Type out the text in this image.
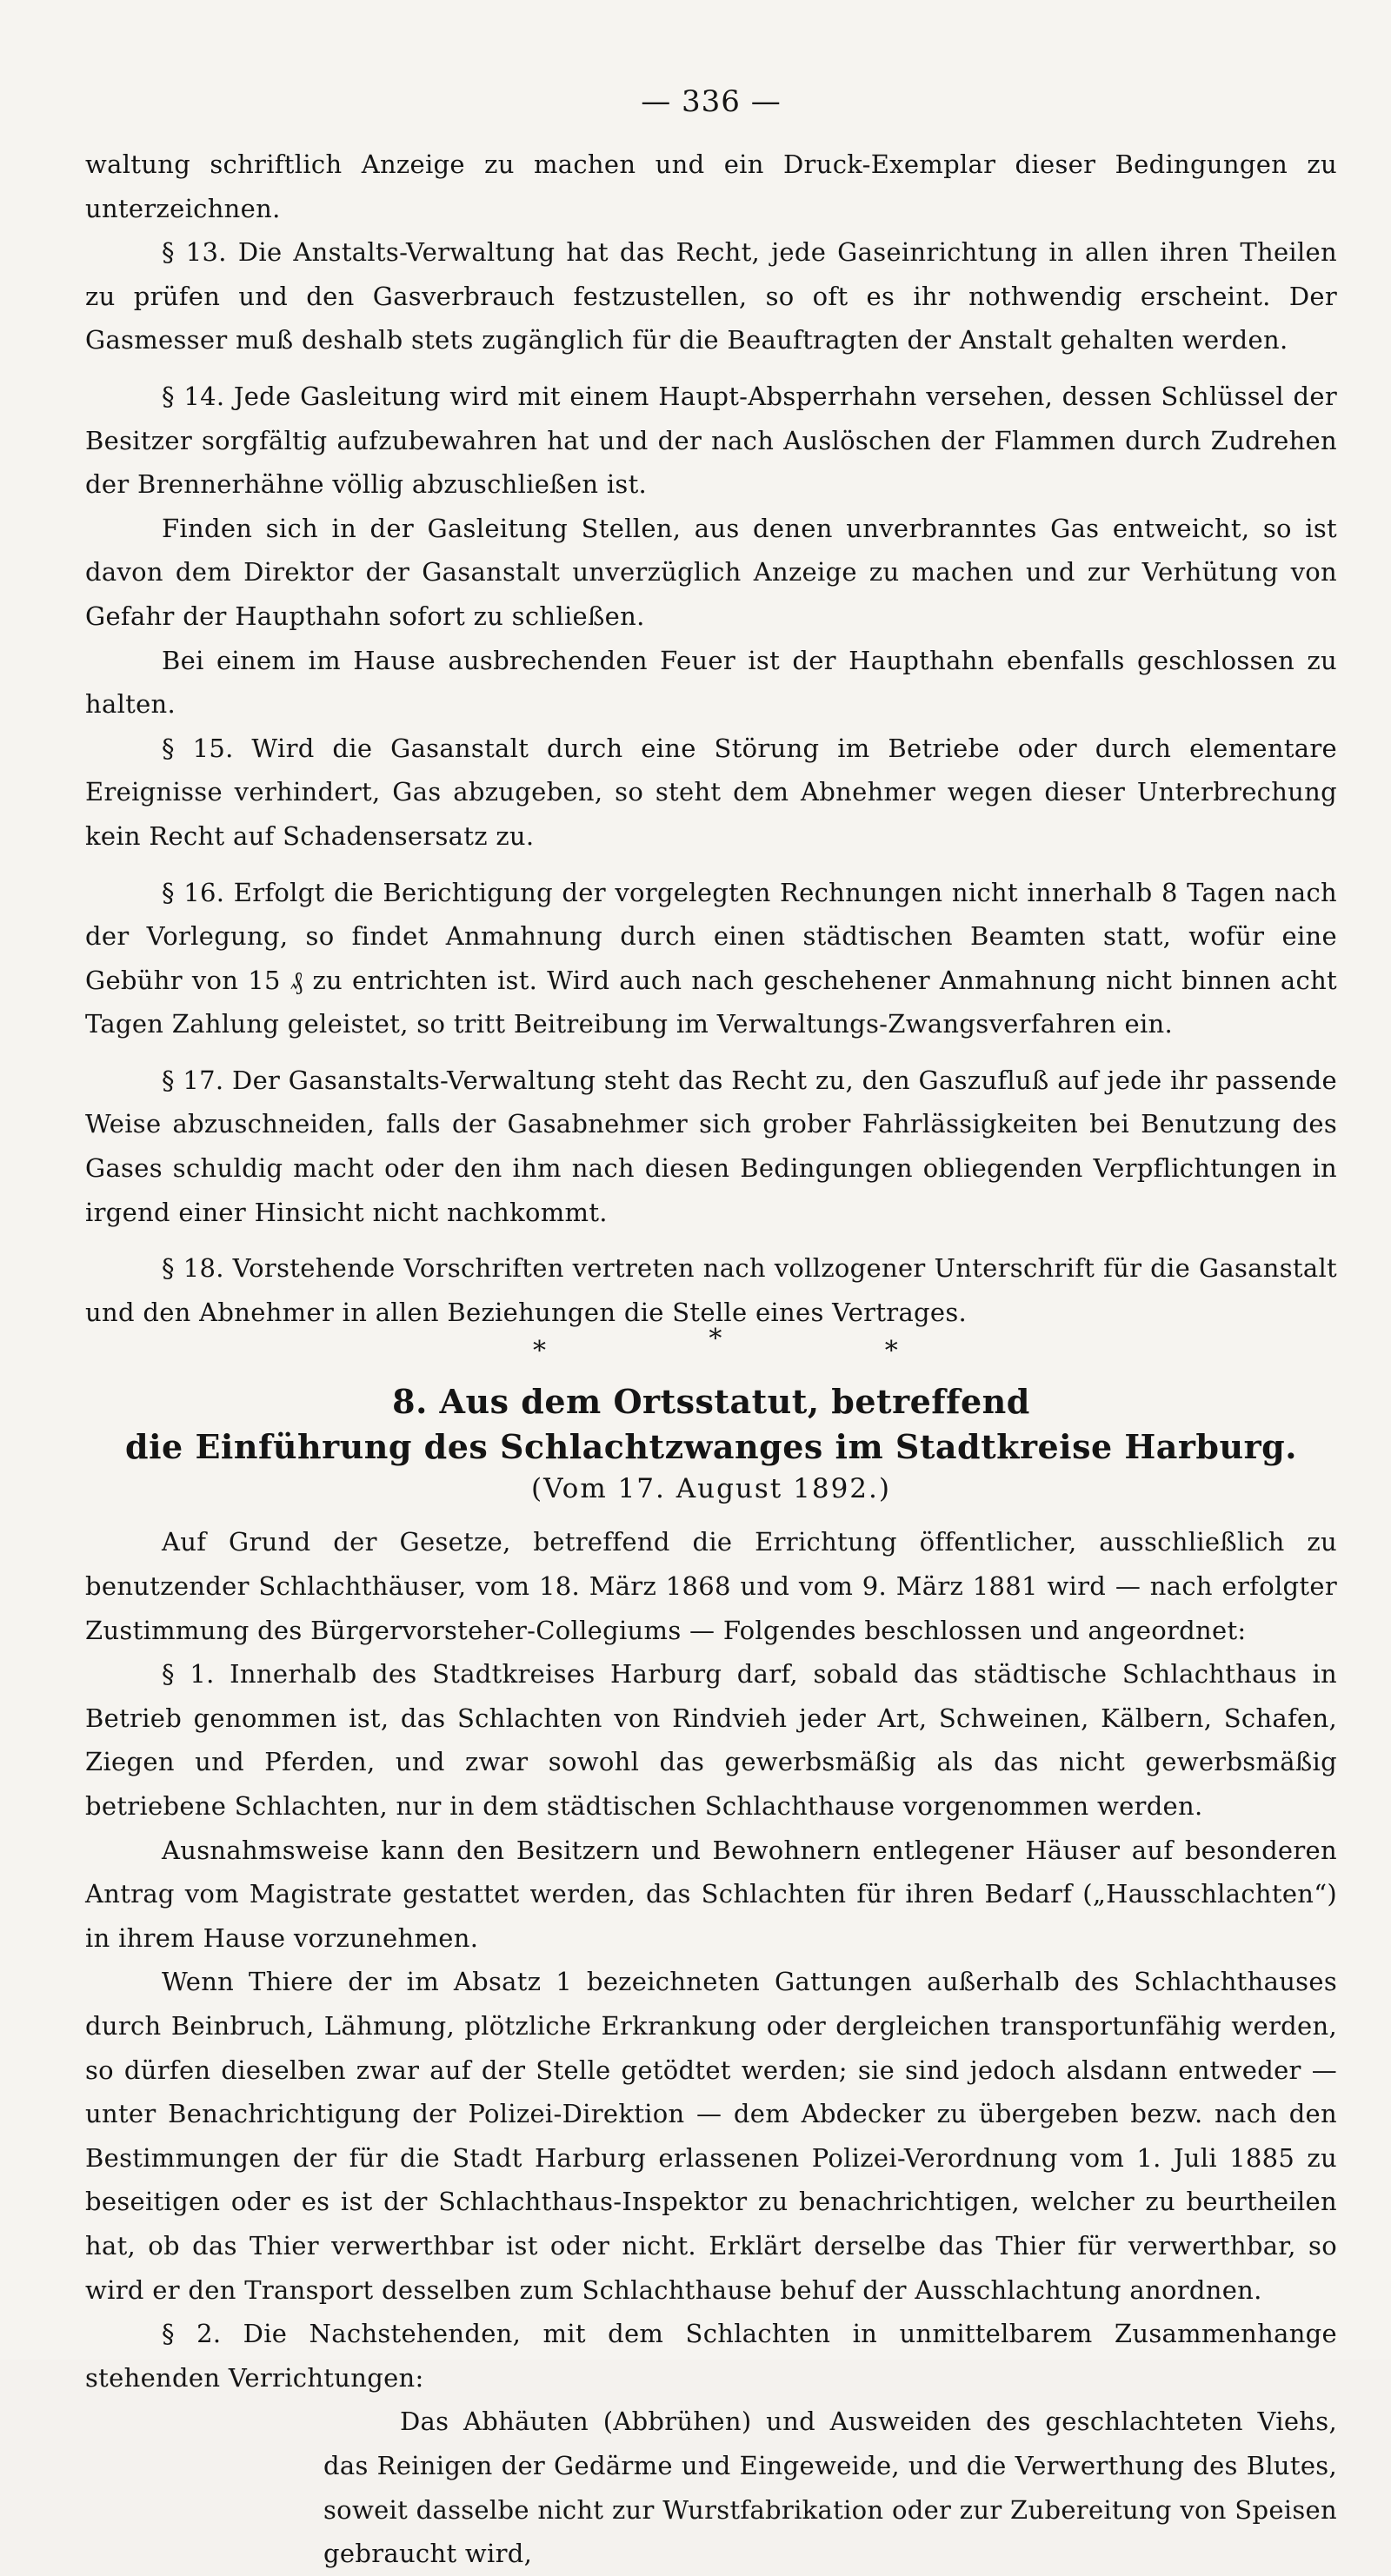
— 336 —

waltung schriftlich Anzeige zu machen und ein Druck-Exemplar dieser Bedingungen zu unterzeichnen.

§ 13. Die Anstalts-Verwaltung hat das Recht, jede Gaseinrichtung in allen ihren Theilen zu prüfen und den Gasverbrauch festzustellen, so oft es ihr nothwendig erscheint. Der Gasmesser muß deshalb stets zugänglich für die Beauftragten der Anstalt gehalten werden.

§ 14. Jede Gasleitung wird mit einem Haupt-Absperrhahn versehen, dessen Schlüssel der Besitzer sorgfältig aufzubewahren hat und der nach Auslöschen der Flammen durch Zudrehen der Brennerhähne völlig abzuschließen ist.

Finden sich in der Gasleitung Stellen, aus denen unverbranntes Gas entweicht, so ist davon dem Direktor der Gasanstalt unverzüglich Anzeige zu machen und zur Verhütung von Gefahr der Haupthahn sofort zu schließen.

Bei einem im Hause ausbrechenden Feuer ist der Haupthahn ebenfalls geschlossen zu halten.

§ 15. Wird die Gasanstalt durch eine Störung im Betriebe oder durch elementare Ereignisse verhindert, Gas abzugeben, so steht dem Abnehmer wegen dieser Unterbrechung kein Recht auf Schadensersatz zu.

§ 16. Erfolgt die Berichtigung der vorgelegten Rechnungen nicht innerhalb 8 Tagen nach der Vorlegung, so findet Anmahnung durch einen städtischen Beamten statt, wofür eine Gebühr von 15 ₰ zu entrichten ist. Wird auch nach geschehener Anmahnung nicht binnen acht Tagen Zahlung geleistet, so tritt Beitreibung im Verwaltungs-Zwangsverfahren ein.

§ 17. Der Gasanstalts-Verwaltung steht das Recht zu, den Gaszufluß auf jede ihr passende Weise abzuschneiden, falls der Gasabnehmer sich grober Fahrlässigkeiten bei Benutzung des Gases schuldig macht oder den ihm nach diesen Bedingungen obliegenden Verpflichtungen in irgend einer Hinsicht nicht nachkommt.

§ 18. Vorstehende Vorschriften vertreten nach vollzogener Unterschrift für die Gasanstalt und den Abnehmer in allen Beziehungen die Stelle eines Vertrages.

*	*	*
8. Aus dem Ortsstatut, betreffend
die Einführung des Schlachtzwanges im Stadtkreise Harburg.
(Vom 17. August 1892.)

Auf Grund der Gesetze, betreffend die Errichtung öffentlicher, ausschließlich zu benutzender Schlachthäuser, vom 18. März 1868 und vom 9. März 1881 wird — nach erfolgter Zustimmung des Bürgervorsteher-Collegiums — Folgendes beschlossen und angeordnet:

§ 1. Innerhalb des Stadtkreises Harburg darf, sobald das städtische Schlachthaus in Betrieb genommen ist, das Schlachten von Rindvieh jeder Art, Schweinen, Kälbern, Schafen, Ziegen und Pferden, und zwar sowohl das gewerbsmäßig als das nicht gewerbsmäßig betriebene Schlachten, nur in dem städtischen Schlachthause vorgenommen werden.

Ausnahmsweise kann den Besitzern und Bewohnern entlegener Häuser auf besonderen Antrag vom Magistrate gestattet werden, das Schlachten für ihren Bedarf („Hausschlachten“) in ihrem Hause vorzunehmen.

Wenn Thiere der im Absatz 1 bezeichneten Gattungen außerhalb des Schlachthauses durch Beinbruch, Lähmung, plötzliche Erkrankung oder dergleichen transportunfähig werden, so dürfen dieselben zwar auf der Stelle getödtet werden; sie sind jedoch alsdann entweder — unter Benachrichtigung der Polizei-Direktion — dem Abdecker zu übergeben bezw. nach den Bestimmungen der für die Stadt Harburg erlassenen Polizei-Verordnung vom 1. Juli 1885 zu beseitigen oder es ist der Schlachthaus-Inspektor zu benachrichtigen, welcher zu beurtheilen hat, ob das Thier verwerthbar ist oder nicht. Erklärt derselbe das Thier für verwerthbar, so wird er den Transport desselben zum Schlachthause behuf der Ausschlachtung anordnen.

§ 2. Die Nachstehenden, mit dem Schlachten in unmittelbarem Zusammenhange stehenden Verrichtungen:

Das Abhäuten (Abbrühen) und Ausweiden des geschlachteten Viehs, das Reinigen der Gedärme und Eingeweide, und die Verwerthung des Blutes, soweit dasselbe nicht zur Wurstfabrikation oder zur Zubereitung von Speisen gebraucht wird,
